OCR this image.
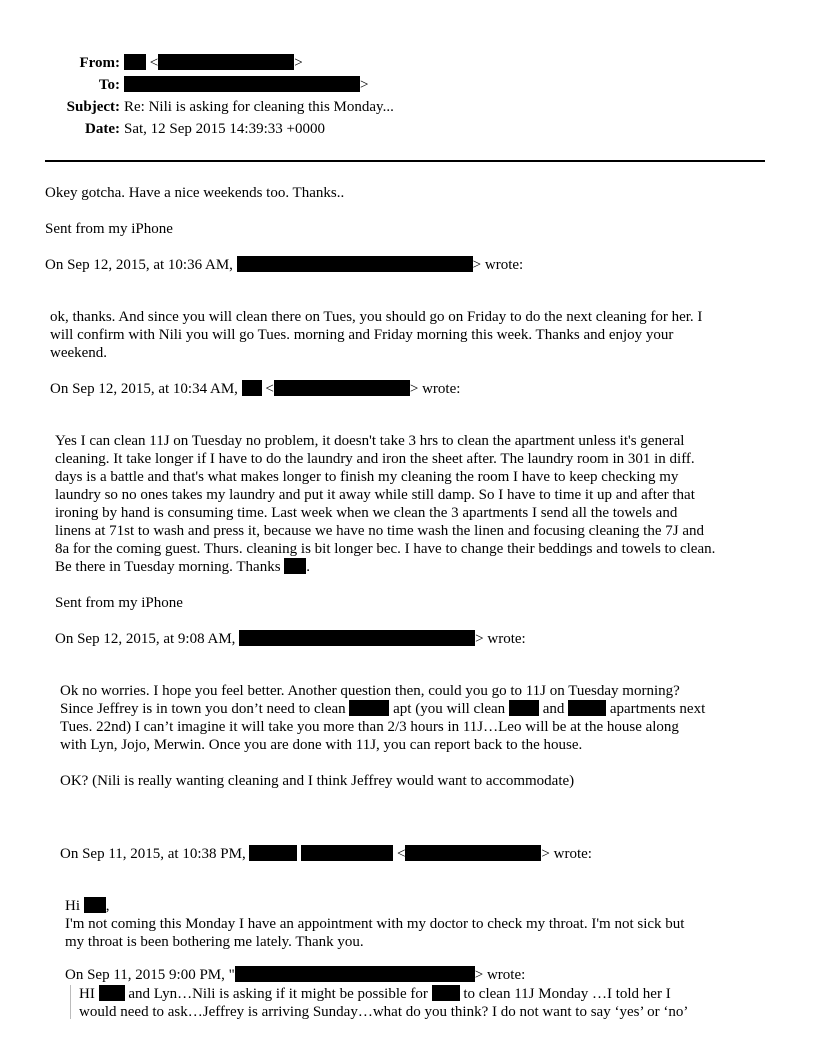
From:	<	>
To:	>
Subject: Re: Nili is asking for cleaning this Monday...
Date: Sat, 12 Sep 2015 14:39:33 +0000
Okey gotcha. Have a nice weekends too. Thanks..
Sent from my iPhone
On Sep 12, 2015, at 10:36 AM,	> wrote:
ok, thanks. And since you will clean there on Tues, you should go on Friday to do the next cleaning for her. I
will confirm with Nili you will go Tues. morning and Friday morning this week. Thanks and enjoy your
weekend.
On Sep 12, 2015, at 10:34 AM, <	> wrote:
Yes I can clean 11J on Tuesday no problem, it doesn't take 3 hrs to clean the apartment unless it's general
cleaning. It take longer if I have to do the laundry and iron the sheet after. The laundry room in 301 in diff.
days is a battle and that's what makes longer to finish my cleaning the room I have to keep checking my
laundry so no ones takes my laundry and put it away while still damp. So I have to time it up and after that
ironing by hand is consuming time. Last week when we clean the 3 apartments I send all the towels and
linens at 71st to wash and press it, because we have no time wash the linen and focusing cleaning the 7J and
8a for the coming guest. Thurs. cleaning is bit longer bec. I have to change their beddings and towels to clean.
Be there in Tuesday morning. Thanks .
Sent from my iPhone
On Sep 12, 2015, at 9:08 AM,	> wrote:
Ok no worries. I hope you feel better. Another question then, could you go to 11J on Tuesday morning?
Since Jeffrey is in town you don’t need to clean	apt (you will clean	and	apartments next
Tues. 22nd) I can’t imagine it will take you more than 2/3 hours in 11J…Leo will be at the house along
with Lyn, Jojo, Merwin. Once you are done with 11J, you can report back to the house.
OK? (Nili is really wanting cleaning and I think Jeffrey would want to accommodate)
On Sep 11, 2015, at 10:38 PM,	<	> wrote:
Hi ,
I'm not coming this Monday I have an appointment with my doctor to check my throat. I'm not sick but
my throat is been bothering me lately. Thank you.
On Sep 11, 2015 9:00 PM, "	> wrote:
HI and Lyn…Nili is asking if it might be possible for to clean 11J Monday …I told her I
would need to ask…Jeffrey is arriving Sunday…what do you think? I do not want to say ‘yes’ or ‘no’
